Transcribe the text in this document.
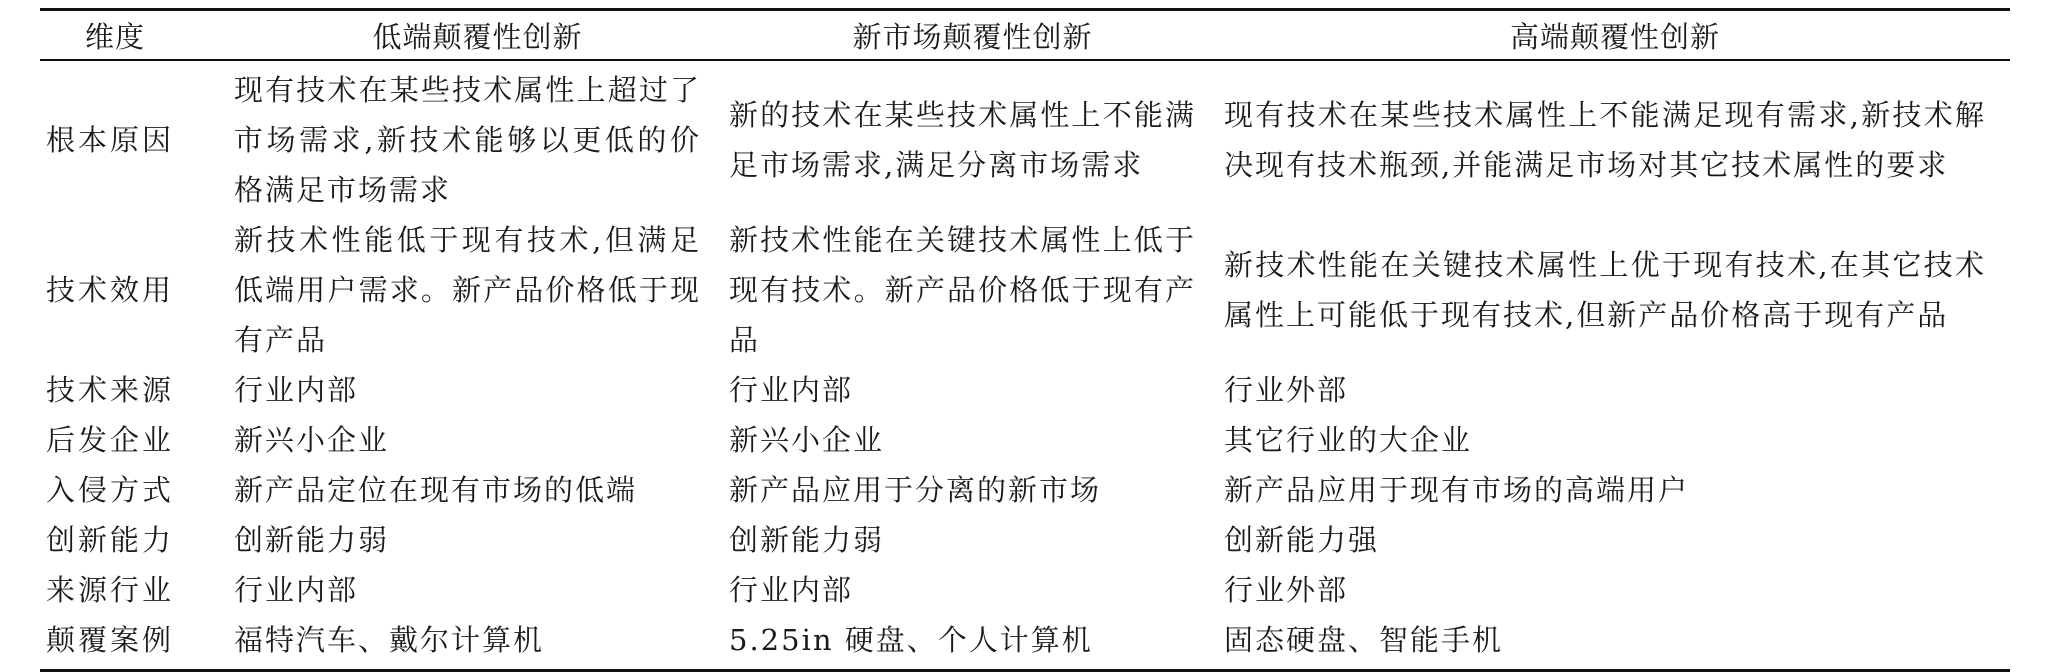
维度	低端颠覆性创新	新市场颠覆性创新	高端颠覆性创新
根本原因	现有技术在某些技术属性上超过了市场需求,新技术能够以更低的价格满足市场需求	新的技术在某些技术属性上不能满足市场需求,满足分离市场需求	现有技术在某些技术属性上不能满足现有需求,新技术解决现有技术瓶颈,并能满足市场对其它技术属性的要求
技术效用	新技术性能低于现有技术,但满足低端用户需求。新产品价格低于现有产品	新技术性能在关键技术属性上低于现有技术。新产品价格低于现有产品	新技术性能在关键技术属性上优于现有技术,在其它技术属性上可能低于现有技术,但新产品价格高于现有产品
技术来源	行业内部	行业内部	行业外部
后发企业	新兴小企业	新兴小企业	其它行业的大企业
入侵方式	新产品定位在现有市场的低端	新产品应用于分离的新市场	新产品应用于现有市场的高端用户
创新能力	创新能力弱	创新能力弱	创新能力强
来源行业	行业内部	行业内部	行业外部
颠覆案例	福特汽车、戴尔计算机	5.25in 硬盘、个人计算机	固态硬盘、智能手机
